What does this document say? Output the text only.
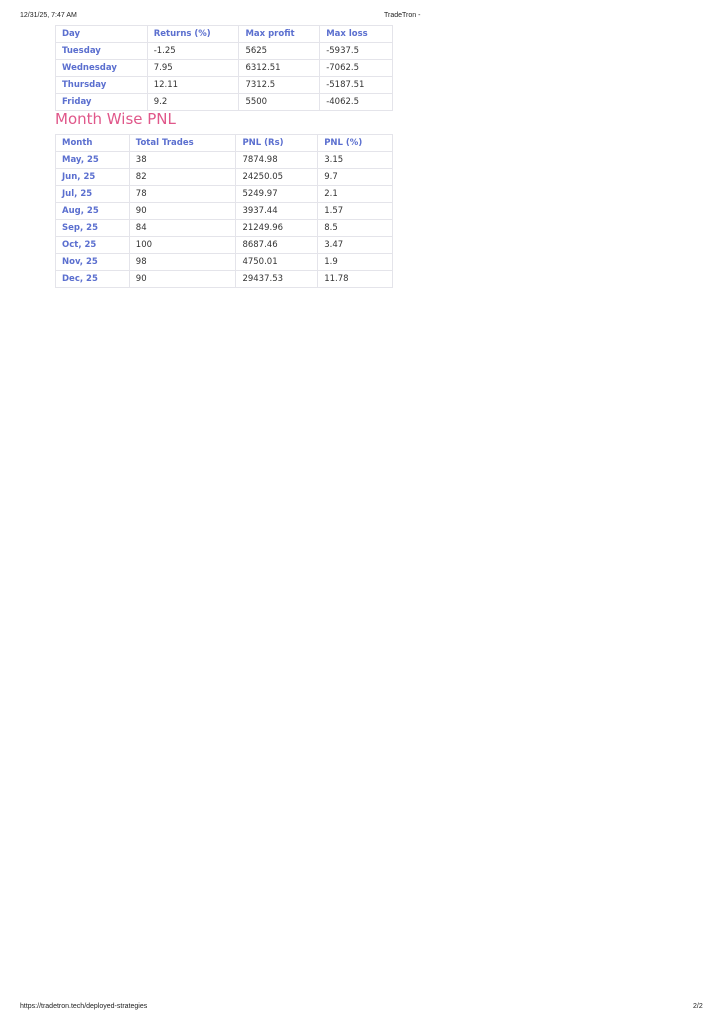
12/31/25, 7:47 AM	TradeTron -
Day	Returns (%)	Max profit	Max loss
Tuesday	-1.25	5625	-5937.5
Wednesday	7.95	6312.51	-7062.5
Thursday	12.11	7312.5	-5187.51
Friday	9.2	5500	-4062.5
Month Wise PNL
Month	Total Trades	PNL (Rs)	PNL (%)
May, 25	38	7874.98	3.15
Jun, 25	82	24250.05	9.7
Jul, 25	78	5249.97	2.1
Aug, 25	90	3937.44	1.57
Sep, 25	84	21249.96	8.5
Oct, 25	100	8687.46	3.47
Nov, 25	98	4750.01	1.9
Dec, 25	90	29437.53	11.78
https://tradetron.tech/deployed-strategies	2/2
